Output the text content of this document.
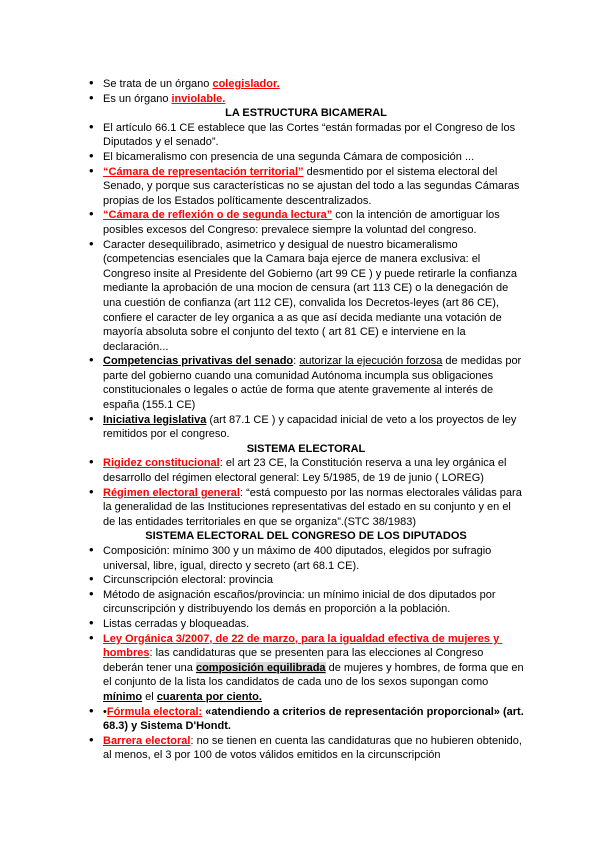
• Se trata de un órgano colegislador.
• Es un órgano inviolable.
LA ESTRUCTURA BICAMERAL
• El artículo 66.1 CE establece que las Cortes “están formadas por el Congreso de los Diputados y el senado”.
• El bicameralismo con presencia de una segunda Cámara de composición ...
• “Cámara de representación territorial” desmentido por el sistema electoral del Senado, y porque sus características no se ajustan del todo a las segundas Cámaras propias de los Estados políticamente descentralizados.
• “Cámara de reflexión o de segunda lectura” con la intención de amortiguar los posibles excesos del Congreso: prevalece siempre la voluntad del congreso.
• Caracter desequilibrado, asimetrico y desigual de nuestro bicameralismo (competencias esenciales que la Camara baja ejerce de manera exclusiva: el Congreso insite al Presidente del Gobierno (art 99 CE ) y puede retirarle la confianza mediante la aprobación de una mocion de censura (art 113 CE) o la denegación de una cuestión de confianza (art 112 CE), convalida los Decretos-leyes (art 86 CE), confiere el caracter de ley organica a as que así decida mediante una votación de mayoría absoluta sobre el conjunto del texto ( art 81 CE) e interviene en la declaración...
• Competencias privativas del senado: autorizar la ejecución forzosa de medidas por parte del gobierno cuando una comunidad Autónoma incumpla sus obligaciones constitucionales o legales o actúe de forma que atente gravemente al interés de españa (155.1 CE)
• Iniciativa legislativa (art 87.1 CE ) y capacidad inicial de veto a los proyectos de ley remitidos por el congreso.
SISTEMA ELECTORAL
• Rigidez constitucional: el art 23 CE, la Constitución reserva a una ley orgánica el desarrollo del régimen electoral general: Ley 5/1985, de 19 de junio ( LOREG)
• Régimen electoral general: “está compuesto por las normas electorales válidas para la generalidad de las Instituciones representativas del estado en su conjunto y en el de las entidades territoriales en que se organiza”.(STC 38/1983)
SISTEMA ELECTORAL DEL CONGRESO DE LOS DIPUTADOS
• Composición: mínimo 300 y un máximo de 400 diputados, elegidos por sufragio universal, libre, igual, directo y secreto (art 68.1 CE).
• Circunscripción electoral: provincia
• Método de asignación escaños/provincia: un mínimo inicial de dos diputados por circunscripción y distribuyendo los demás en proporción a la población.
• Listas cerradas y bloqueadas.
• Ley Orgánica 3/2007, de 22 de marzo, para la igualdad efectiva de mujeres y hombres: las candidaturas que se presenten para las elecciones al Congreso deberán tener una composición equilibrada de mujeres y hombres, de forma que en el conjunto de la lista los candidatos de cada uno de los sexos supongan como mínimo el cuarenta por ciento.
• •Fórmula electoral: «atendiendo a criterios de representación proporcional» (art. 68.3) y Sistema D'Hondt.
• Barrera electoral: no se tienen en cuenta las candidaturas que no hubieren obtenido, al menos, el 3 por 100 de votos válidos emitidos en la circunscripción
